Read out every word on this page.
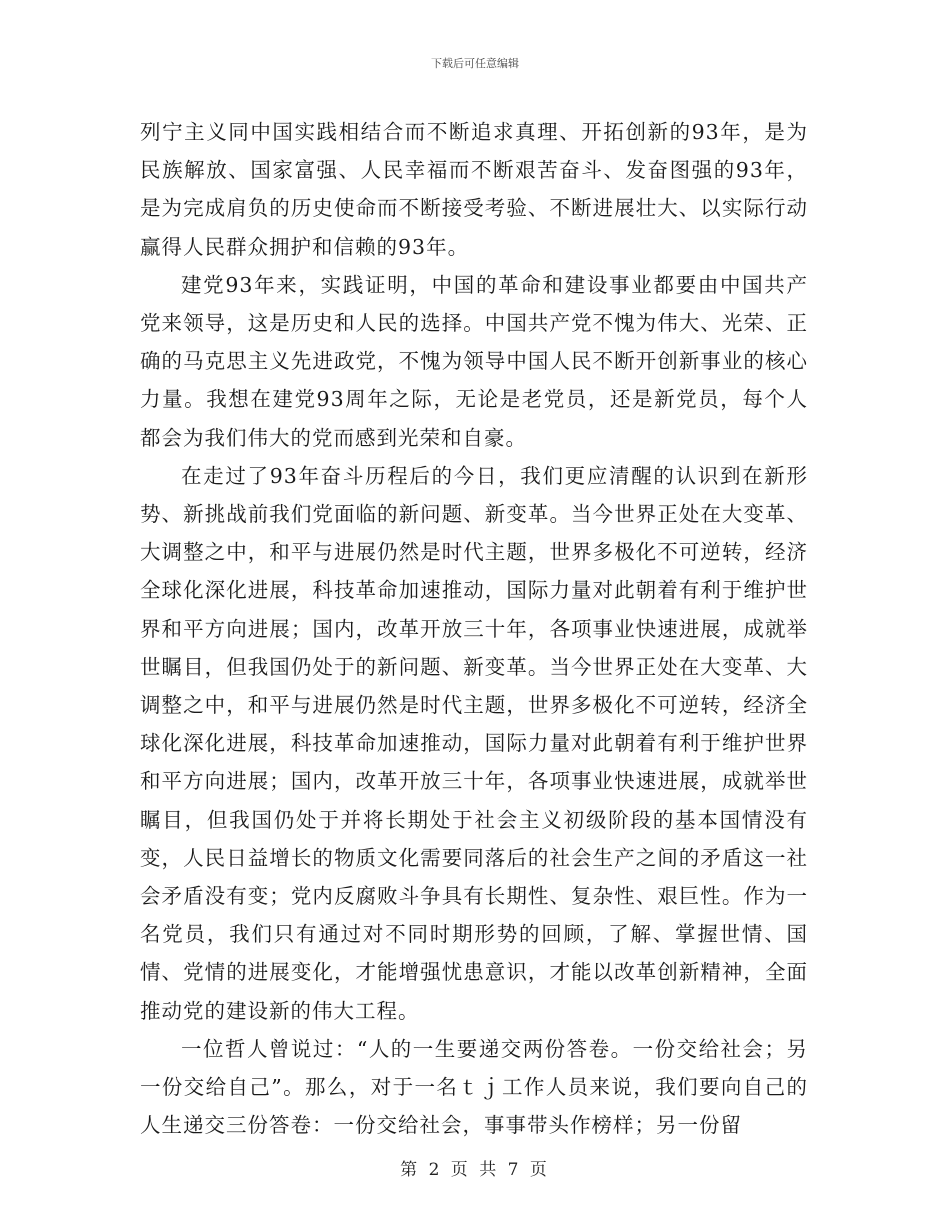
下载后可任意编辑

列宁主义同中国实践相结合而不断追求真理、开拓创新的93年，是为民族解放、国家富强、人民幸福而不断艰苦奋斗、发奋图强的93年，是为完成肩负的历史使命而不断接受考验、不断进展壮大、以实际行动赢得人民群众拥护和信赖的93年。

建党93年来，实践证明，中国的革命和建设事业都要由中国共产党来领导，这是历史和人民的选择。中国共产党不愧为伟大、光荣、正确的马克思主义先进政党，不愧为领导中国人民不断开创新事业的核心力量。我想在建党93周年之际，无论是老党员，还是新党员，每个人都会为我们伟大的党而感到光荣和自豪。

在走过了93年奋斗历程后的今日，我们更应清醒的认识到在新形势、新挑战前我们党面临的新问题、新变革。当今世界正处在大变革、大调整之中，和平与进展仍然是时代主题，世界多极化不可逆转，经济全球化深化进展，科技革命加速推动，国际力量对此朝着有利于维护世界和平方向进展；国内，改革开放三十年，各项事业快速进展，成就举世瞩目，但我国仍处于的新问题、新变革。当今世界正处在大变革、大调整之中，和平与进展仍然是时代主题，世界多极化不可逆转，经济全球化深化进展，科技革命加速推动，国际力量对此朝着有利于维护世界和平方向进展；国内，改革开放三十年，各项事业快速进展，成就举世瞩目，但我国仍处于并将长期处于社会主义初级阶段的基本国情没有变，人民日益增长的物质文化需要同落后的社会生产之间的矛盾这一社会矛盾没有变；党内反腐败斗争具有长期性、复杂性、艰巨性。作为一名党员，我们只有通过对不同时期形势的回顾，了解、掌握世情、国情、党情的进展变化，才能增强忧患意识，才能以改革创新精神，全面推动党的建设新的伟大工程。

一位哲人曾说过：“人的一生要递交两份答卷。一份交给社会；另一份交给自己”。那么，对于一名ｔｊ工作人员来说，我们要向自己的人生递交三份答卷：一份交给社会，事事带头作榜样；另一份留

第 2 页 共 7 页
